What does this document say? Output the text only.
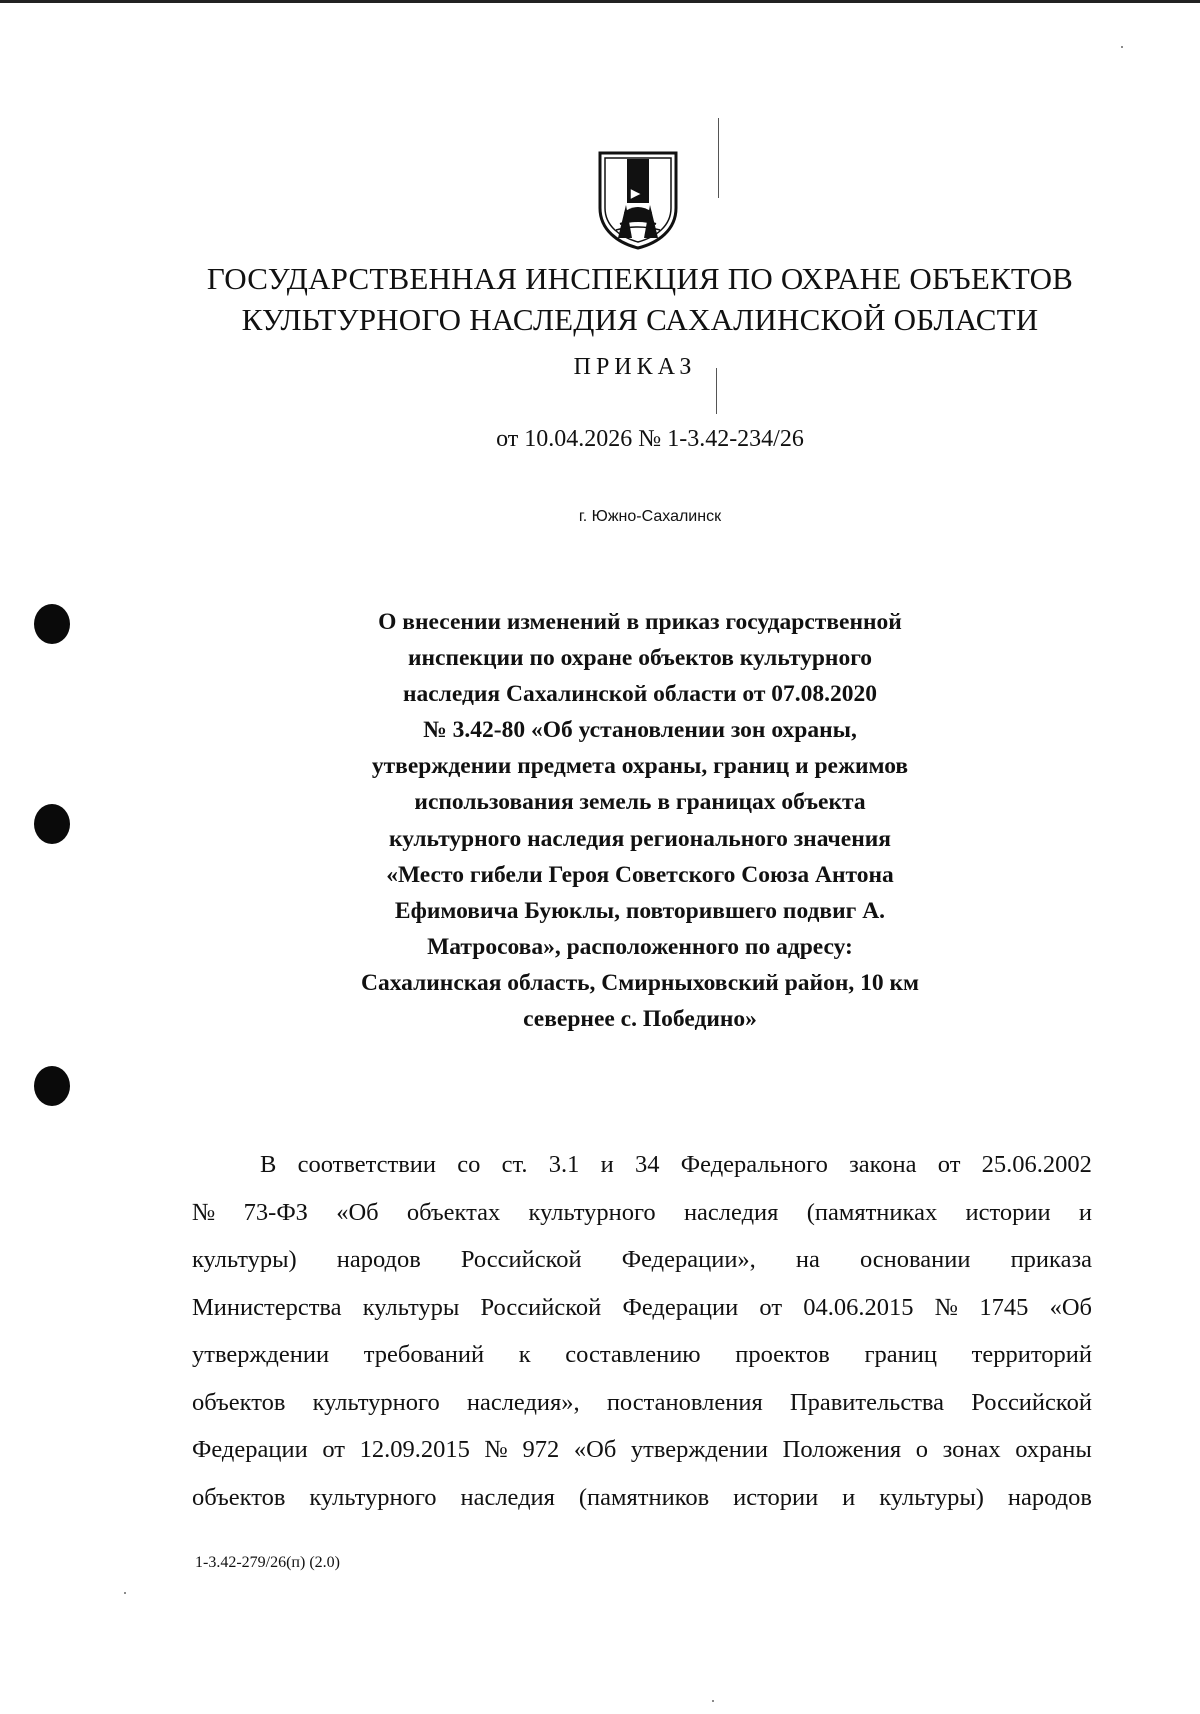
ГОСУДАРСТВЕННАЯ ИНСПЕКЦИЯ ПО ОХРАНЕ ОБЪЕКТОВ
КУЛЬТУРНОГО НАСЛЕДИЯ САХАЛИНСКОЙ ОБЛАСТИ
ПРИКАЗ
от 10.04.2026 № 1-3.42-234/26
г. Южно-Сахалинск
О внесении изменений в приказ государственной
инспекции по охране объектов культурного
наследия Сахалинской области от 07.08.2020
№ 3.42-80 «Об установлении зон охраны,
утверждении предмета охраны, границ и режимов
использования земель в границах объекта
культурного наследия регионального значения
«Место гибели Героя Советского Союза Антона
Ефимовича Буюклы, повторившего подвиг А.
Матросова», расположенного по адресу:
Сахалинская область, Смирныховский район, 10 км
севернее с. Победино»
В соответствии со ст. 3.1 и 34 Федерального закона от 25.06.2002
№ 73-ФЗ «Об объектах культурного наследия (памятниках истории и
культуры) народов Российской Федерации», на основании приказа
Министерства культуры Российской Федерации от 04.06.2015 № 1745 «Об
утверждении требований к составлению проектов границ территорий
объектов культурного наследия», постановления Правительства Российской
Федерации от 12.09.2015 № 972 «Об утверждении Положения о зонах охраны
объектов культурного наследия (памятников истории и культуры) народов
1-3.42-279/26(п) (2.0)
